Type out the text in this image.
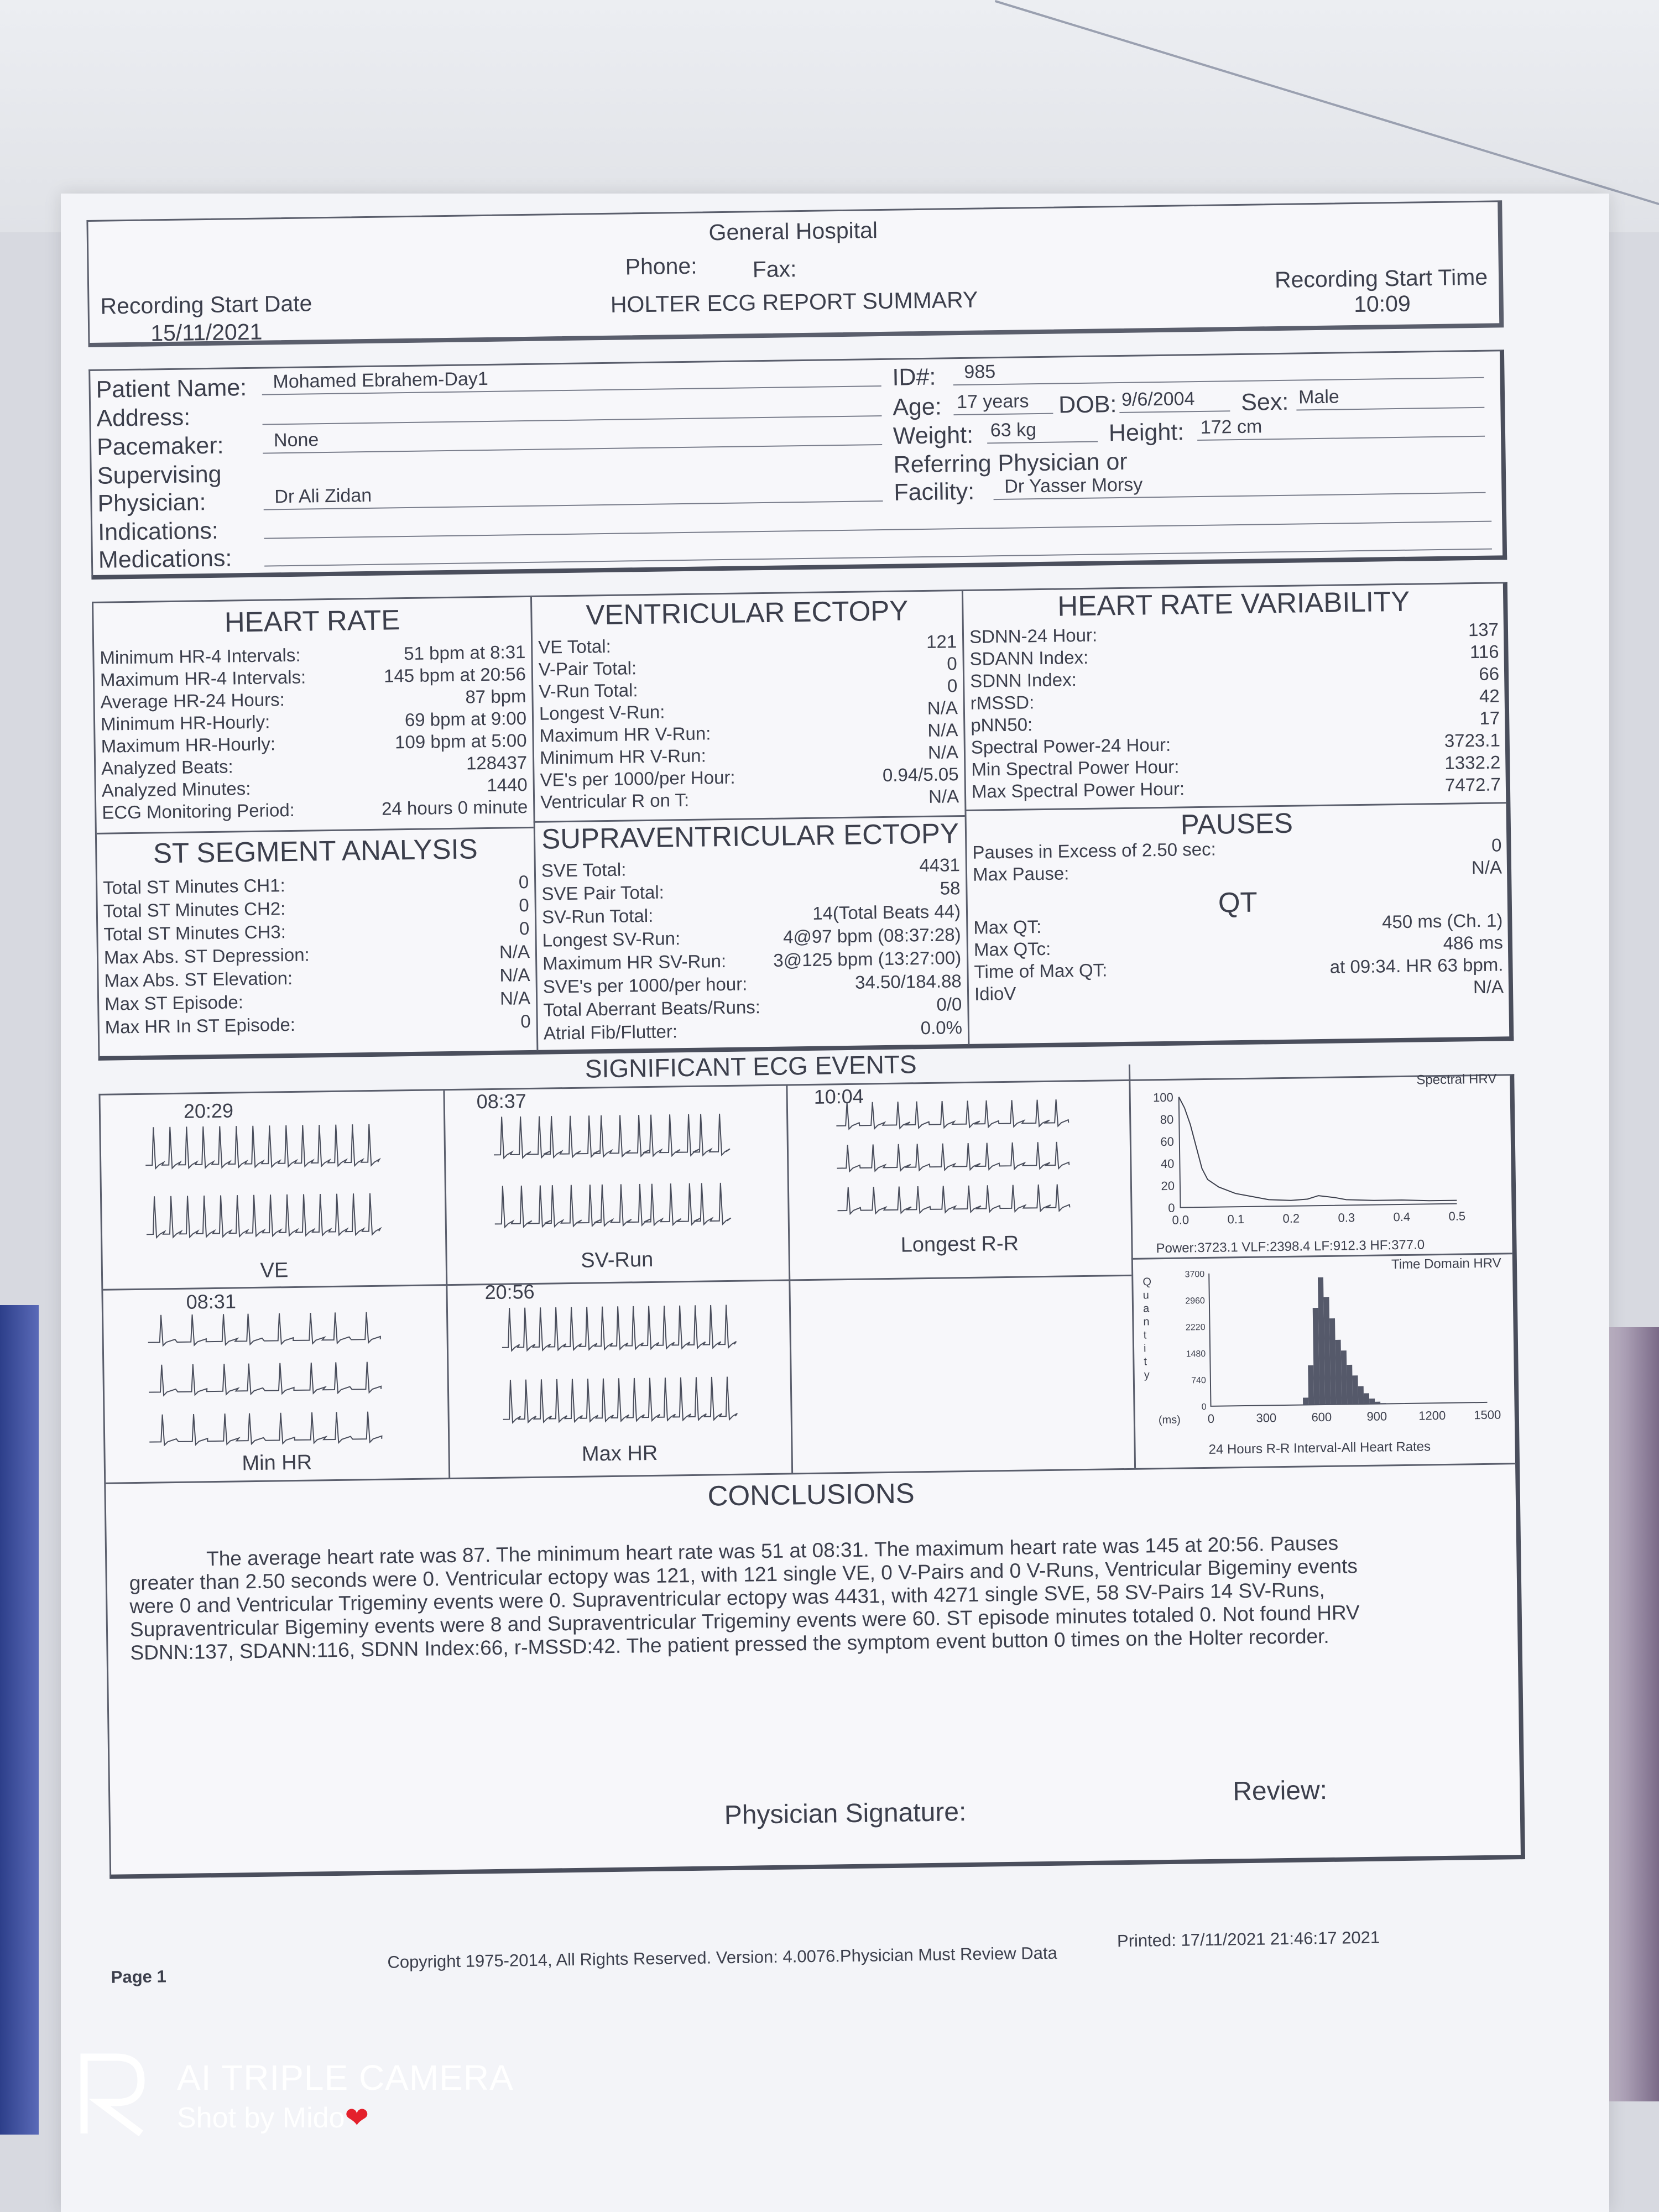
General Hospital
Phone: Fax:
HOLTER ECG REPORT SUMMARY
Recording Start Date
15/11/2021
Recording Start Time
10:09
Patient Name:	Mohamed Ebrahem-Day1
Address:
Pacemaker:	None
Supervising
Physician:	Dr Ali Zidan
Indications:
Medications:
ID#:	985
Age: 17 years	DOB: 9/6/2004	Sex: Male
Weight: 63 kg	Height: 172 cm
Referring Physician or
Facility:	Dr Yasser Morsy
HEART RATE
Minimum HR-4 Intervals:	51 bpm at 8:31
Maximum HR-4 Intervals:	145 bpm at 20:56
Average HR-24 Hours:	87 bpm
Minimum HR-Hourly:	69 bpm at 9:00
Maximum HR-Hourly:	109 bpm at 5:00
Analyzed Beats:	128437
Analyzed Minutes:	1440
ECG Monitoring Period:	24 hours 0 minute
VENTRICULAR ECTOPY
VE Total:	121
V-Pair Total:	0
V-Run Total:	0
Longest V-Run:	N/A
Maximum HR V-Run:	N/A
Minimum HR V-Run:	N/A
VE's per 1000/per Hour:	0.94/5.05
Ventricular R on T:	N/A
HEART RATE VARIABILITY
SDNN-24 Hour:	137
SDANN Index:	116
SDNN Index:	66
rMSSD:	42
pNN50:	17
Spectral Power-24 Hour:	3723.1
Min Spectral Power Hour:	1332.2
Max Spectral Power Hour:	7472.7
ST SEGMENT ANALYSIS
Total ST Minutes CH1:	0
Total ST Minutes CH2:	0
Total ST Minutes CH3:	0
Max Abs. ST Depression:	N/A
Max Abs. ST Elevation:	N/A
Max ST Episode:	N/A
Max HR In ST Episode:	0
SUPRAVENTRICULAR ECTOPY
SVE Total:	4431
SVE Pair Total:	58
SV-Run Total:	14(Total Beats 44)
Longest SV-Run:	4@97 bpm (08:37:28)
Maximum HR SV-Run:	3@125 bpm (13:27:00)
SVE's per 1000/per hour:	34.50/184.88
Total Aberrant Beats/Runs:	0/0
Atrial Fib/Flutter:	0.0%
PAUSES
Pauses in Excess of 2.50 sec:	0
Max Pause:	N/A
QT
Max QT:	450 ms (Ch. 1)
Max QTc:	486 ms
Time of Max QT:	at 09:34. HR 63 bpm.
IdioV	N/A
SIGNIFICANT ECG EVENTS
20:29
VE
08:37
SV-Run
10:04
Longest R-R
08:31
Min HR
20:56
Max HR
Spectral HRV
100
80
60
40
20
0
0.0	0.1	0.2	0.3	0.4	0.5
Power:3723.1 VLF:2398.4 LF:912.3 HF:377.0
Time Domain HRV
3700
2960
2220
1480
740
0
0	300	600	900	1200 1500
Q
u
a
n
t
i
t
y
(ms)
24 Hours R-R Interval-All Heart Rates
CONCLUSIONS
The average heart rate was 87. The minimum heart rate was 51 at 08:31. The maximum heart rate was 145 at 20:56. Pauses greater than 2.50 seconds were 0. Ventricular ectopy was 121, with 121 single VE, 0 V-Pairs and 0 V-Runs, Ventricular Bigeminy events were 0 and Ventricular Trigeminy events were 0. Supraventricular ectopy was 4431, with 4271 single SVE, 58 SV-Pairs 14 SV-Runs, Supraventricular Bigeminy events were 8 and Supraventricular Trigeminy events were 60. ST episode minutes totaled 0. Not found HRV SDNN:137, SDANN:116, SDNN Index:66, r-MSSD:42. The patient pressed the symptom event button 0 times on the Holter recorder.
Physician Signature:
Review:
Page 1
Copyright 1975-2014, All Rights Reserved. Version: 4.0076.Physician Must Review Data
Printed: 17/11/2021 21:46:17 2021
AI TRIPLE CAMERA
Shot by Mido❤
